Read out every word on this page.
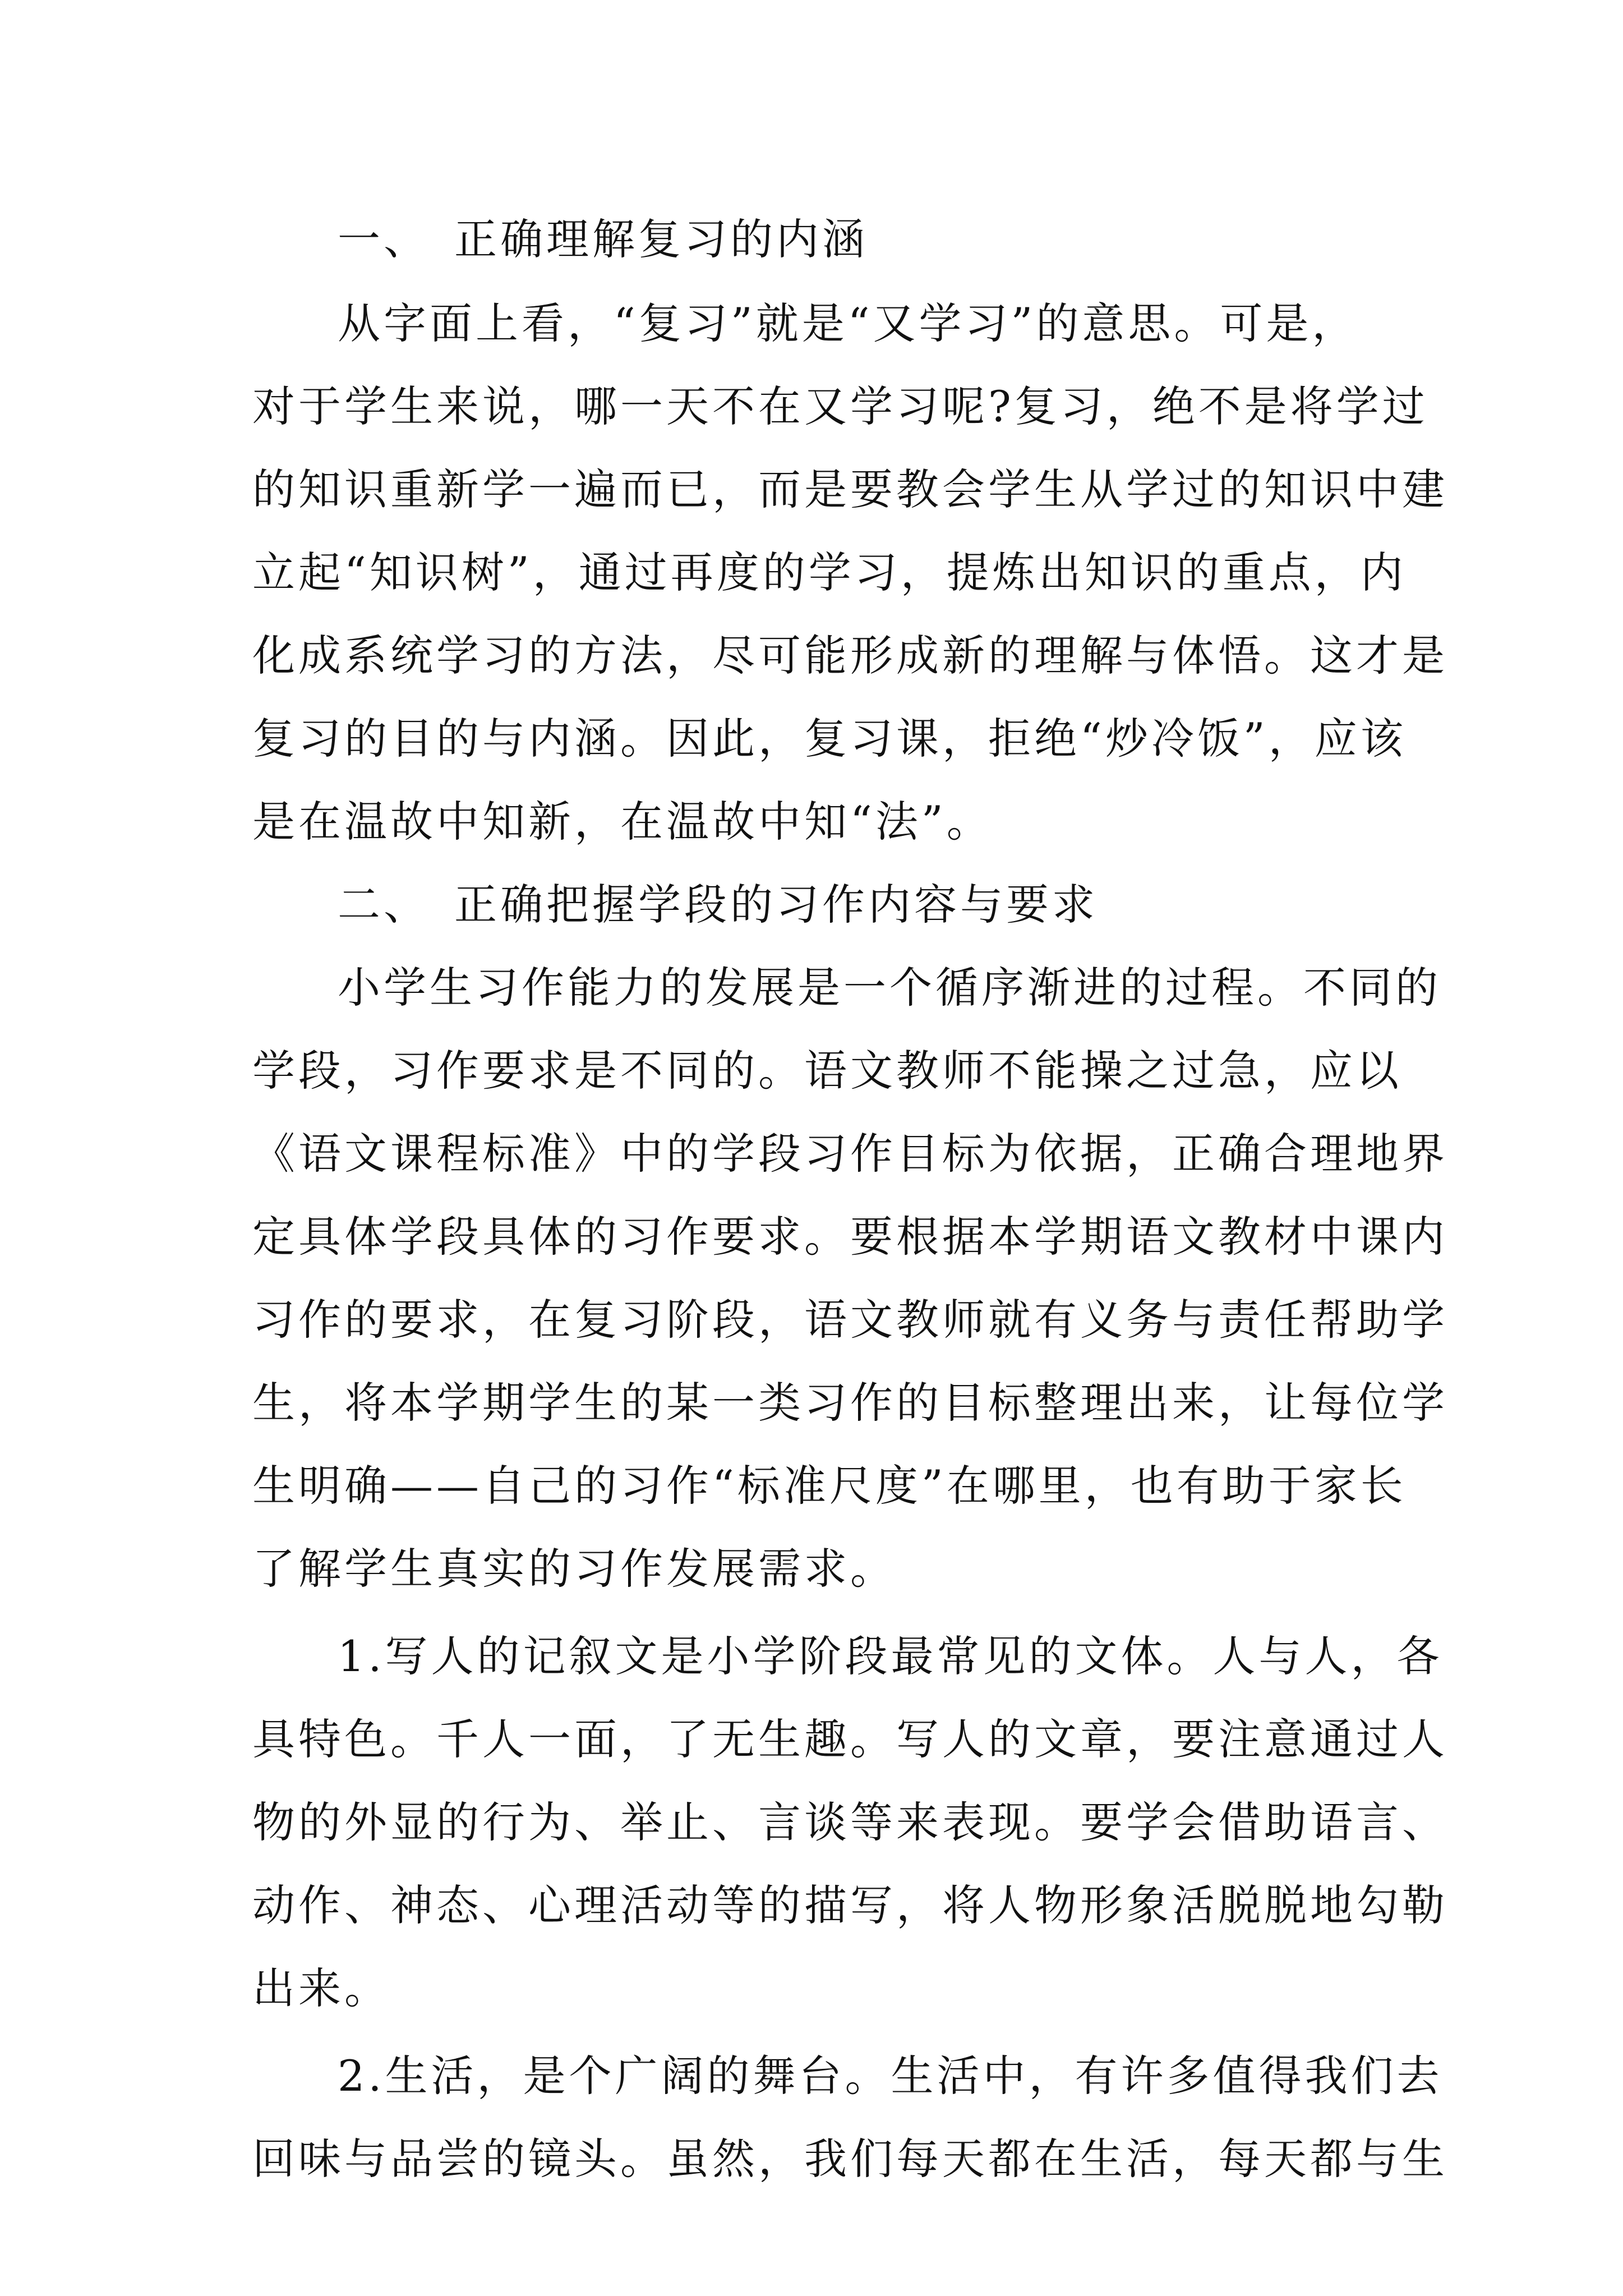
一、　正确理解复习的内涵
从字面上看，“复习”就是“又学习”的意思。可是，
对于学生来说，哪一天不在又学习呢?复习，绝不是将学过
的知识重新学一遍而已，而是要教会学生从学过的知识中建
立起“知识树”，通过再度的学习，提炼出知识的重点，内
化成系统学习的方法，尽可能形成新的理解与体悟。这才是
复习的目的与内涵。因此，复习课，拒绝“炒冷饭”，应该
是在温故中知新，在温故中知“法”。
二、　正确把握学段的习作内容与要求
小学生习作能力的发展是一个循序渐进的过程。不同的
学段，习作要求是不同的。语文教师不能操之过急，应以
《语文课程标准》中的学段习作目标为依据，正确合理地界
定具体学段具体的习作要求。要根据本学期语文教材中课内
习作的要求，在复习阶段，语文教师就有义务与责任帮助学
生，将本学期学生的某一类习作的目标整理出来，让每位学
生明确——自己的习作“标准尺度”在哪里，也有助于家长
了解学生真实的习作发展需求。
1.写人的记叙文是小学阶段最常见的文体。人与人，各
具特色。千人一面，了无生趣。写人的文章，要注意通过人
物的外显的行为、举止、言谈等来表现。要学会借助语言、
动作、神态、心理活动等的描写，将人物形象活脱脱地勾勒
出来。
2.生活，是个广阔的舞台。生活中，有许多值得我们去
回味与品尝的镜头。虽然，我们每天都在生活，每天都与生
